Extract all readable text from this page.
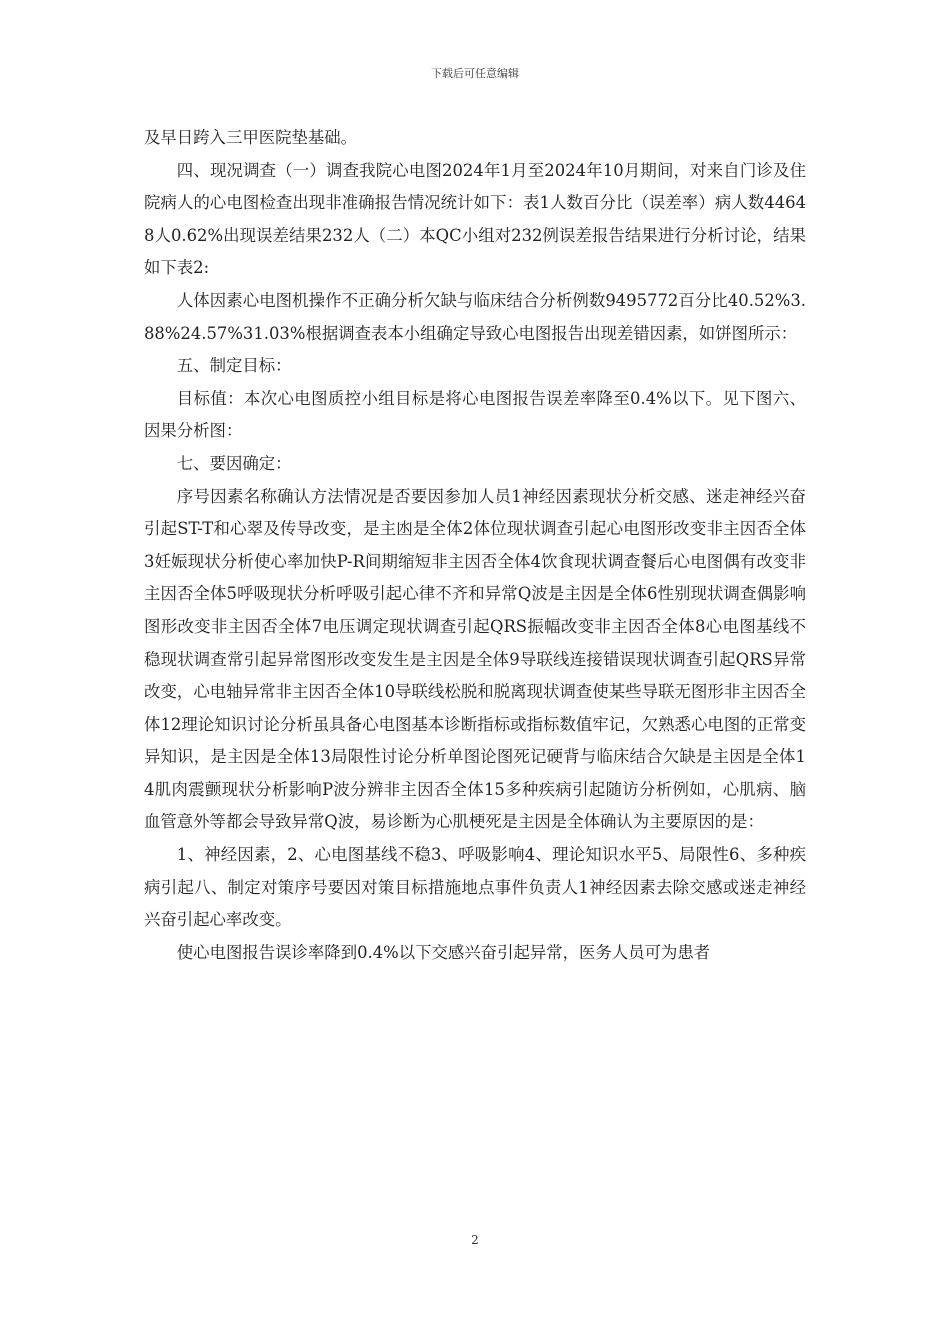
下载后可任意编辑

及早日跨入三甲医院垫基础。

四、现况调查（一）调查我院心电图2024年1月至2024年10月期间，对来自门诊及住院病人的心电图检查出现非准确报告情况统计如下：表1人数百分比（误差率）病人数44648人0.62%出现误差结果232人（二）本QC小组对232例误差报告结果进行分析讨论，结果如下表2:

人体因素心电图机操作不正确分析欠缺与临床结合分析例数9495772百分比40.52%3.88%24.57%31.03%根据调查表本小组确定导致心电图报告出现差错因素，如饼图所示：

五、制定目标：

目标值：本次心电图质控小组目标是将心电图报告误差率降至0.4%以下。见下图六、因果分析图：

七、要因确定：

序号因素名称确认方法情况是否要因参加人员1神经因素现状分析交感、迷走神经兴奋引起ST-T和心翠及传导改变，是主凼是全体2体位现状调查引起心电图形改变非主因否全体3妊娠现状分析使心率加快P-R间期缩短非主因否全体4饮食现状调查餐后心电图偶有改变非主因否全体5呼吸现状分析呼吸引起心律不齐和异常Q波是主因是全体6性别现状调查偶影响图形改变非主因否全体7电压调定现状调查引起QRS振幅改变非主因否全体8心电图基线不稳现状调查常引起异常图形改变发生是主因是全体9导联线连接错误现状调查引起QRS异常改变，心电轴异常非主因否全体10导联线松脱和脱离现状调查使某些导联无图形非主因否全体12理论知识讨论分析虽具备心电图基本诊断指标或指标数值牢记，欠熟悉心电图的正常变异知识，是主因是全体13局限性讨论分析单图论图死记硬背与临床结合欠缺是主因是全体14肌肉震颤现状分析影响P波分辨非主因否全体15多种疾病引起随访分析例如，心肌病、脑血管意外等都会导致异常Q波，易诊断为心肌梗死是主因是全体确认为主要原因的是：

1、神经因素，2、心电图基线不稳3、呼吸影响4、理论知识水平5、局限性6、多种疾病引起八、制定对策序号要因对策目标措施地点事件负责人1神经因素去除交感或迷走神经兴奋引起心率改变。

使心电图报告误诊率降到0.4%以下交感兴奋引起异常，医务人员可为患者

2
